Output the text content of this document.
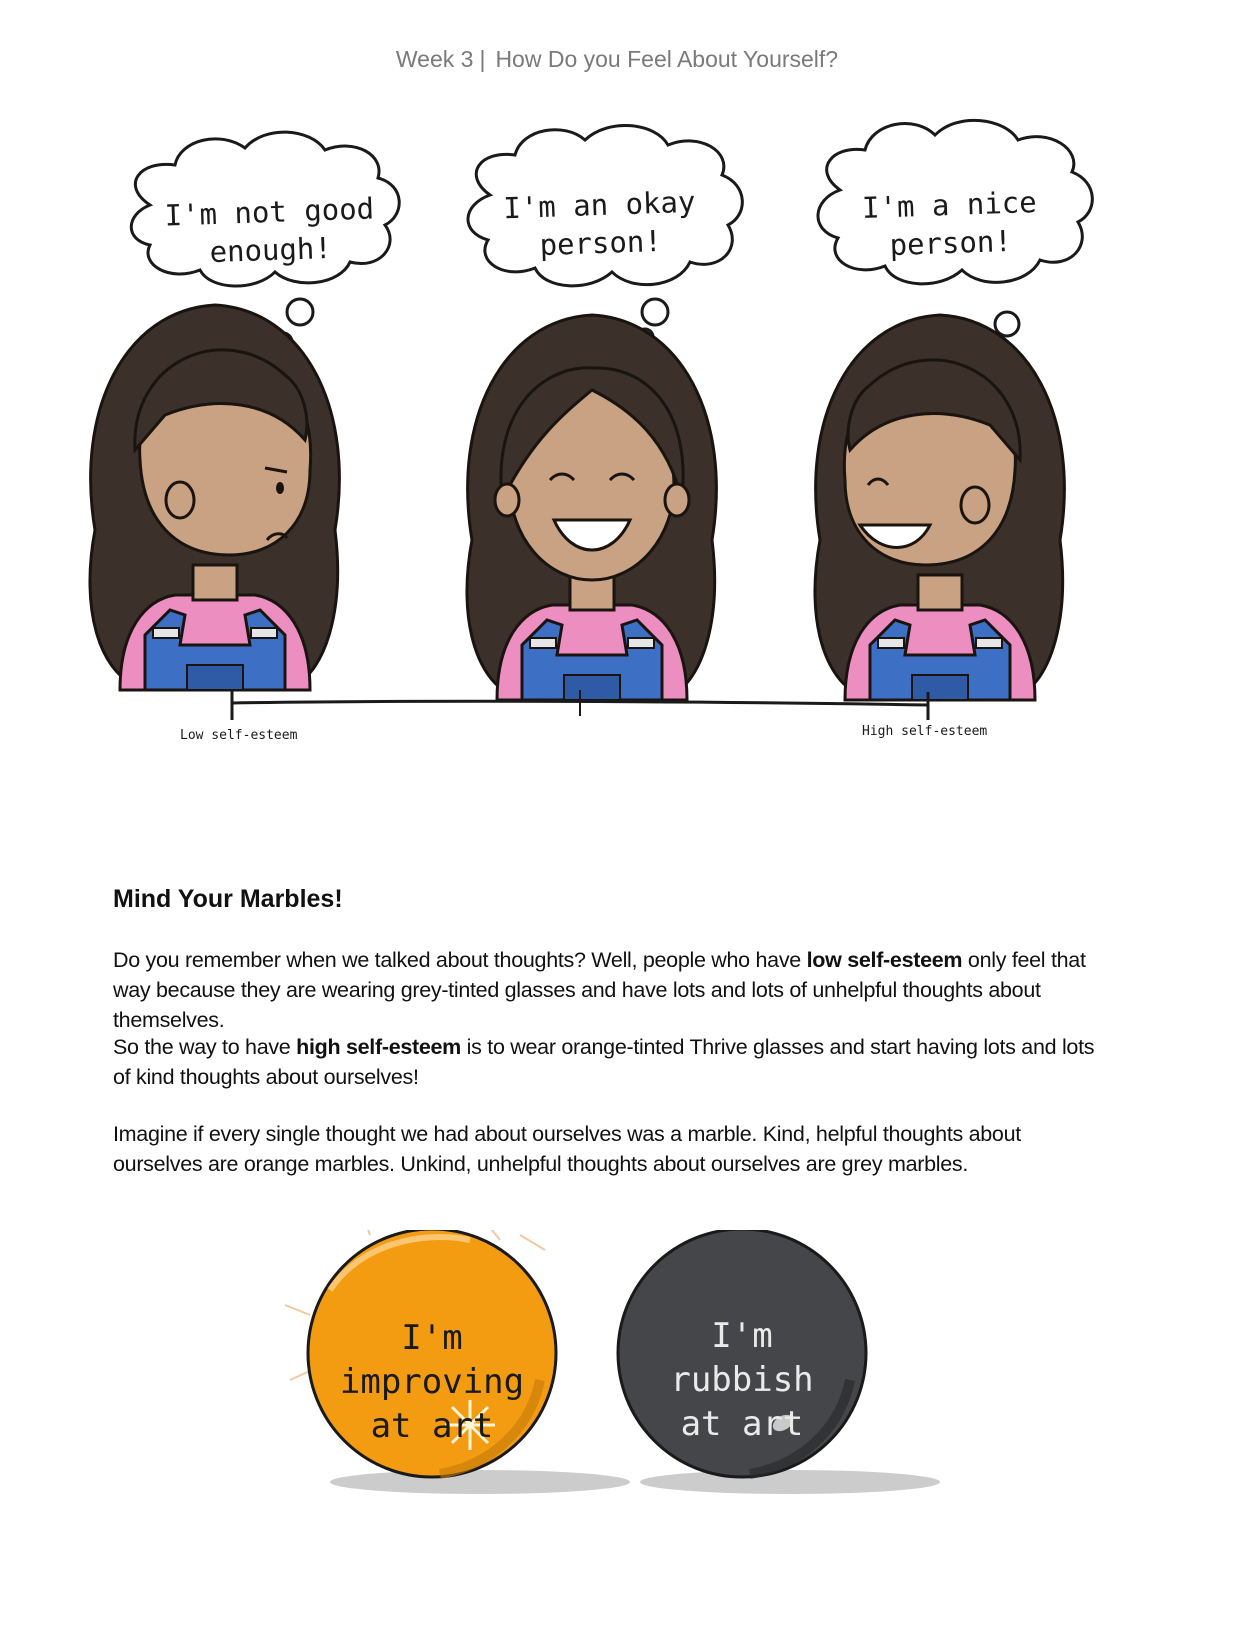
Week 3 | How Do you Feel About Yourself?
I'm not good
enough!
I'm an okay
person!
I'm a nice
person!
Low self-esteem	High self-esteem
Mind Your Marbles!

Do you remember when we talked about thoughts? Well, people who have low self-esteem only feel that way because they are wearing grey-tinted glasses and have lots and lots of unhelpful thoughts about themselves.

So the way to have high self-esteem is to wear orange-tinted Thrive glasses and start having lots and lots of kind thoughts about ourselves!

Imagine if every single thought we had about ourselves was a marble. Kind, helpful thoughts about ourselves are orange marbles. Unkind, unhelpful thoughts about ourselves are grey marbles.

I'm improving
at art
I'm rubbish
at art
